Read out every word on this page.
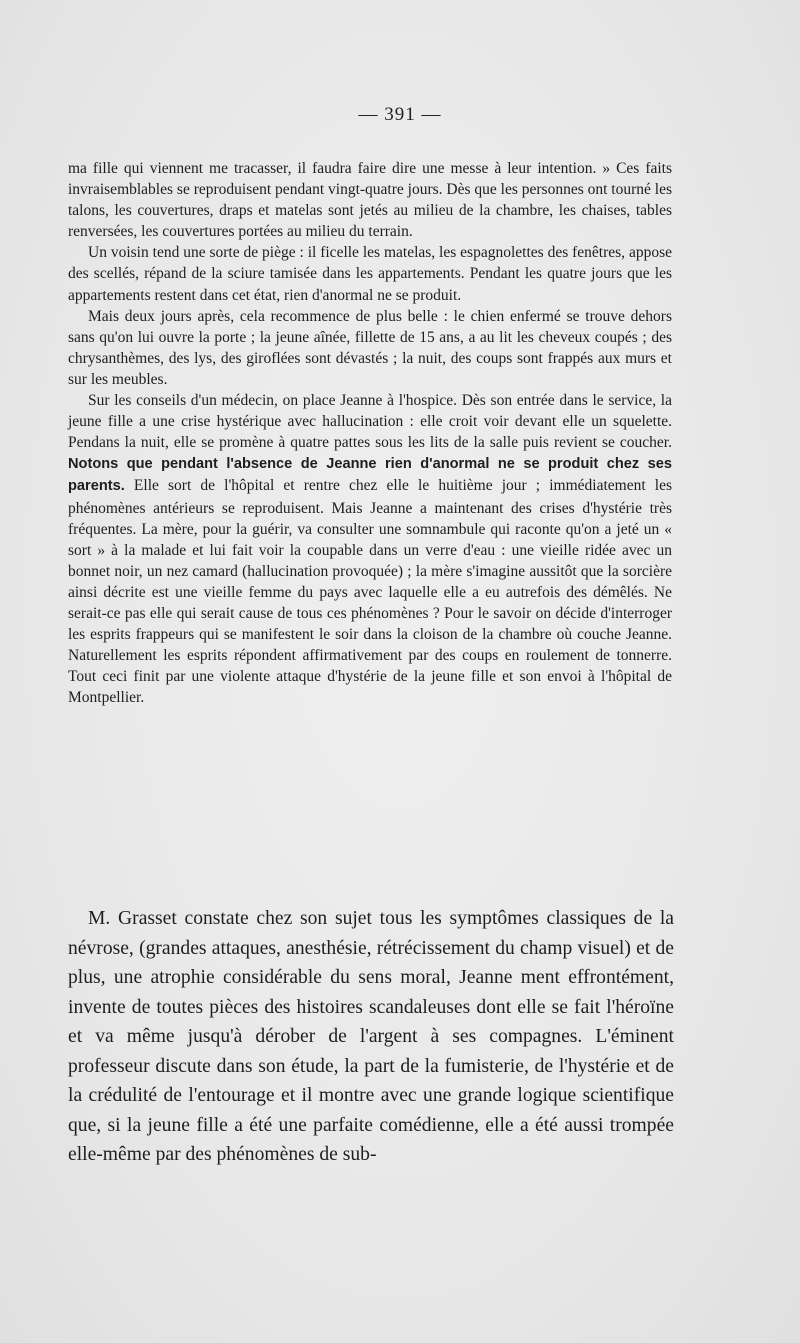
— 391 —

ma fille qui viennent me tracasser, il faudra faire dire une messe à leur intention. » Ces faits invraisemblables se reproduisent pendant vingt-quatre jours. Dès que les personnes ont tourné les talons, les couvertures, draps et matelas sont jetés au milieu de la chambre, les chaises, tables renversées, les couvertures portées au milieu du terrain.

Un voisin tend une sorte de piège : il ficelle les matelas, les espagnolettes des fenêtres, appose des scellés, répand de la sciure tamisée dans les appartements. Pendant les quatre jours que les appartements restent dans cet état, rien d'anormal ne se produit.

Mais deux jours après, cela recommence de plus belle : le chien enfermé se trouve dehors sans qu'on lui ouvre la porte ; la jeune aînée, fillette de 15 ans, a au lit les cheveux coupés ; des chrysanthèmes, des lys, des giroflées sont dévastés ; la nuit, des coups sont frappés aux murs et sur les meubles.

Sur les conseils d'un médecin, on place Jeanne à l'hospice. Dès son entrée dans le service, la jeune fille a une crise hystérique avec hallucination : elle croit voir devant elle un squelette. Pendans la nuit, elle se promène à quatre pattes sous les lits de la salle puis revient se coucher. Notons que pendant l'absence de Jeanne rien d'anormal ne se produit chez ses parents. Elle sort de l'hôpital et rentre chez elle le huitième jour ; immédiatement les phénomènes antérieurs se reproduisent. Mais Jeanne a maintenant des crises d'hystérie très fréquentes. La mère, pour la guérir, va consulter une somnambule qui raconte qu'on a jeté un « sort » à la malade et lui fait voir la coupable dans un verre d'eau : une vieille ridée avec un bonnet noir, un nez camard (hallucination provoquée) ; la mère s'imagine aussitôt que la sorcière ainsi décrite est une vieille femme du pays avec laquelle elle a eu autrefois des démêlés. Ne serait-ce pas elle qui serait cause de tous ces phénomènes ? Pour le savoir on décide d'interroger les esprits frappeurs qui se manifestent le soir dans la cloison de la chambre où couche Jeanne. Naturellement les esprits répondent affirmativement par des coups en roulement de tonnerre. Tout ceci finit par une violente attaque d'hystérie de la jeune fille et son envoi à l'hôpital de Montpellier.

M. Grasset constate chez son sujet tous les symptômes classiques de la névrose, (grandes attaques, anesthésie, rétrécissement du champ visuel) et de plus, une atrophie considérable du sens moral, Jeanne ment effrontément, invente de toutes pièces des histoires scandaleuses dont elle se fait l'héroïne et va même jusqu'à dérober de l'argent à ses compagnes. L'éminent professeur discute dans son étude, la part de la fumisterie, de l'hystérie et de la crédulité de l'entourage et il montre avec une grande logique scientifique que, si la jeune fille a été une parfaite comédienne, elle a été aussi trompée elle-même par des phénomènes de sub-
